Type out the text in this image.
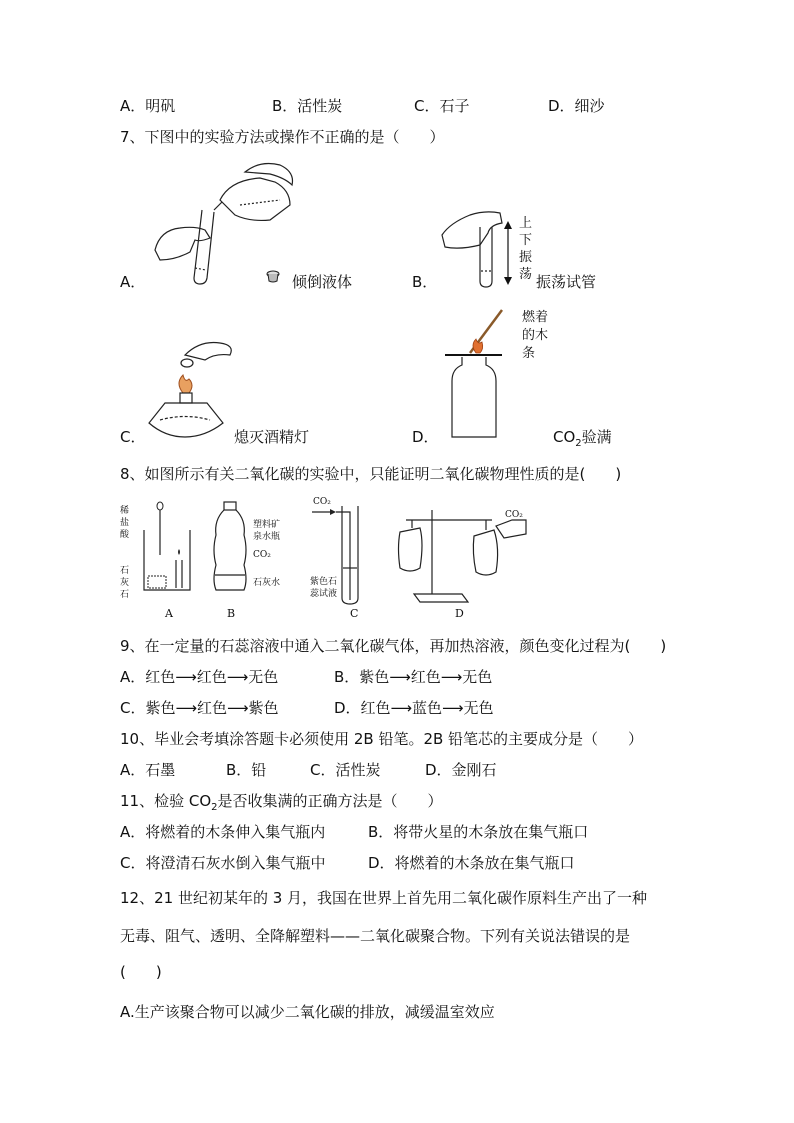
A．明矾	B．活性炭	C．石子	D．细沙
7、下图中的实验方法或操作不正确的是（　　）
A．	倾倒液体
上
下
振
荡
B．	振荡试管
C．	熄灭酒精灯
燃着
的木
条
D．	$CO_2$验满
8、如图所示有关二氧化碳的实验中，只能证明二氧化碳物理性质的是(　　)
稀
盐
酸
石
灰
石
塑料矿
泉水瓶
CO₂
石灰水
CO₂
紫色石
蕊试液
CO₂
A	B	C	D
9、在一定量的石蕊溶液中通入二氧化碳气体，再加热溶液，颜色变化过程为(　　)
A．红色⟶红色⟶无色	B．紫色⟶红色⟶无色
C．紫色⟶红色⟶紫色	D．红色⟶蓝色⟶无色
10、毕业会考填涂答题卡必须使用 2B 铅笔。2B 铅笔芯的主要成分是（　　）
A．石墨	B．铅	C．活性炭	D．金刚石
11、检验 $CO_2$是否收集满的正确方法是（　　）
A．将燃着的木条伸入集气瓶内	B．将带火星的木条放在集气瓶口
C．将澄清石灰水倒入集气瓶中	D．将燃着的木条放在集气瓶口
12、21 世纪初某年的 3 月，我国在世界上首先用二氧化碳作原料生产出了一种
无毒、阻气、透明、全降解塑料——二氧化碳聚合物。下列有关说法错误的是
(　　)
A.生产该聚合物可以减少二氧化碳的排放，减缓温室效应
